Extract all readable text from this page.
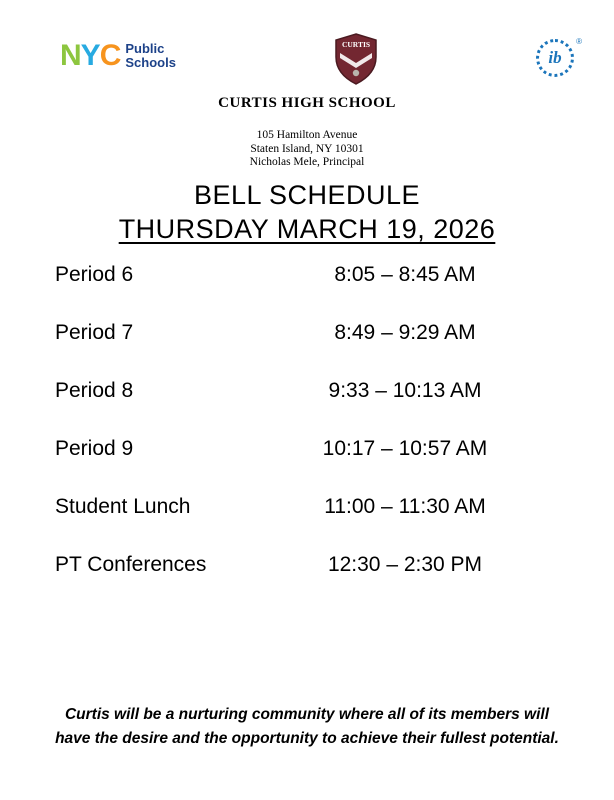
NYC Public
Schools
CURTIS
ib
®
CURTIS HIGH SCHOOL
105 Hamilton Avenue
Staten Island, NY 10301
Nicholas Mele, Principal
BELL SCHEDULE
THURSDAY MARCH 19, 2026
Period 6	8:05 – 8:45 AM
Period 7	8:49 – 9:29 AM
Period 8	9:33 – 10:13 AM
Period 9	10:17 – 10:57 AM
Student Lunch	11:00 – 11:30 AM
PT Conferences	12:30 – 2:30 PM
Curtis will be a nurturing community where all of its members will have the desire and the opportunity to achieve their fullest potential.
